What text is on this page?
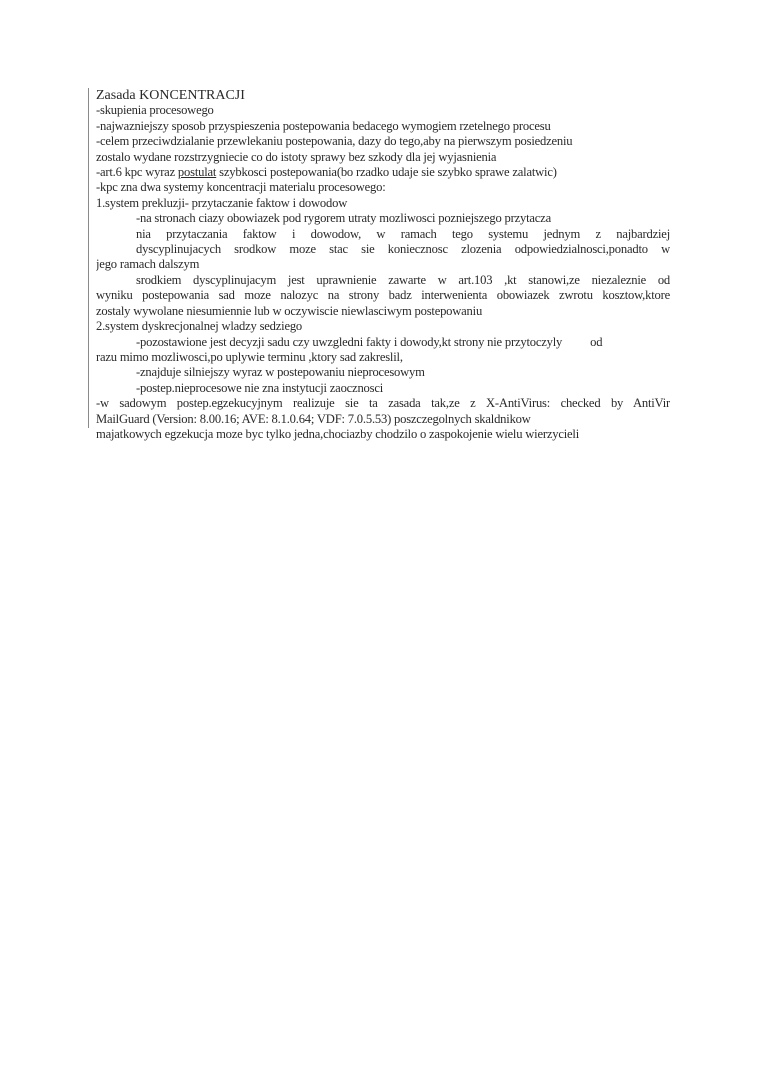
Zasada KONCENTRACJI
-skupienia procesowego
-najwazniejszy sposob przyspieszenia postepowania bedacego wymogiem rzetelnego procesu
-celem przeciwdzialanie przewlekaniu postepowania, dazy do tego,aby na pierwszym posiedzeniu
zostalo wydane rozstrzygniecie co do istoty sprawy bez szkody dla jej wyjasnienia
-art.6 kpc wyraz postulat szybkosci postepowania(bo rzadko udaje sie szybko sprawe zalatwic)
-kpc zna dwa systemy koncentracji materialu procesowego:
1.system prekluzji- przytaczanie faktow i dowodow
-na stronach ciazy obowiazek pod rygorem utraty mozliwosci pozniejszego przytacza
nia przytaczania faktow i dowodow, w ramach tego systemu jednym z najbardziej
dyscyplinujacych srodkow moze stac sie koniecznosc zlozenia odpowiedzialnosci,ponadto w
jego ramach dalszym
srodkiem dyscyplinujacym jest uprawnienie zawarte w art.103 ,kt stanowi,ze niezaleznie od
wyniku postepowania sad moze nalozyc na strony badz interwenienta obowiazek zwrotu kosztow,ktore
zostaly wywolane niesumiennie lub w oczywiscie niewlasciwym postepowaniu
2.system dyskrecjonalnej wladzy sedziego
-pozostawione jest decyzji sadu czy uwzgledni fakty i dowody,kt strony nie przytoczyly od
razu mimo mozliwosci,po uplywie terminu ,ktory sad zakreslil,
-znajduje silniejszy wyraz w postepowaniu nieprocesowym
-postep.nieprocesowe nie zna instytucji zaocznosci
-w sadowym postep.egzekucyjnym realizuje sie ta zasada tak,ze z X-AntiVirus: checked by AntiVir
MailGuard (Version: 8.00.16; AVE: 8.1.0.64; VDF: 7.0.5.53) poszczegolnych skaldnikow
majatkowych egzekucja moze byc tylko jedna,chociazby chodzilo o zaspokojenie wielu wierzycieli
